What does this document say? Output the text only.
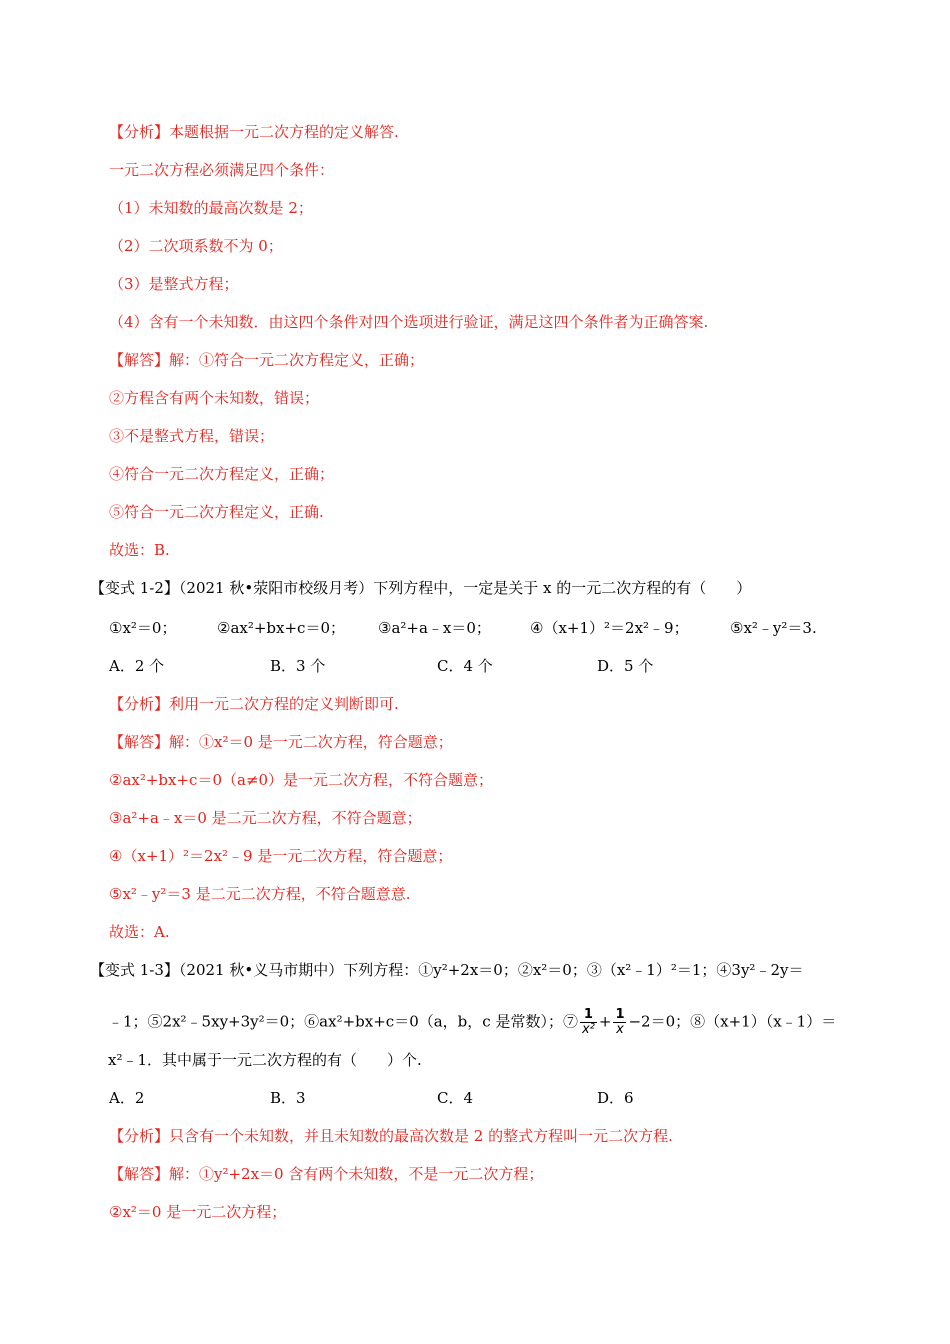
【分析】本题根据一元二次方程的定义解答.
一元二次方程必须满足四个条件：
（1）未知数的最高次数是 2；
（2）二次项系数不为 0；
（3）是整式方程；
（4）含有一个未知数．由这四个条件对四个选项进行验证，满足这四个条件者为正确答案.
【解答】解：①符合一元二次方程定义，正确；
②方程含有两个未知数，错误；
③不是整式方程，错误；
④符合一元二次方程定义，正确；
⑤符合一元二次方程定义，正确.
故选：B.
【变式 1-2】（2021 秋•荥阳市校级月考）下列方程中，一定是关于 x 的一元二次方程的有（　　）
①x²＝0；	②ax²+bx+c＝0； ③a²+a﹣x＝0；	④（x+1）²＝2x²﹣9；	⑤x²﹣y²＝3.
A．2 个	B．3 个	C．4 个	D．5 个
【分析】利用一元二次方程的定义判断即可.
【解答】解：①x²＝0 是一元二次方程，符合题意；
②ax²+bx+c＝0（a≠0）是一元二次方程，不符合题意；
③a²+a﹣x＝0 是二元二次方程，不符合题意；
④（x+1）²＝2x²﹣9 是一元二次方程，符合题意；
⑤x²﹣y²＝3 是二元二次方程，不符合题意意.
故选：A.
【变式 1-3】（2021 秋•义马市期中）下列方程：①y²+2x＝0；②x²＝0；③（x²﹣1）²＝1；④3y²﹣2y＝
﹣1；⑤2x²﹣5xy+3y²＝0；⑥ax²+bx+c＝0（a，b，c 是常数）；⑦ $\frac{1}{\text{x²}} + \frac{1}{x} -2=0$；⑧（x+1）（x﹣1）＝
x²﹣1．其中属于一元二次方程的有（　　）个.
A．2	B．3	C．4	D．6
【分析】只含有一个未知数，并且未知数的最高次数是 2 的整式方程叫一元二次方程.
【解答】解：①y²+2x＝0 含有两个未知数，不是一元二次方程；
②x²＝0 是一元二次方程；
